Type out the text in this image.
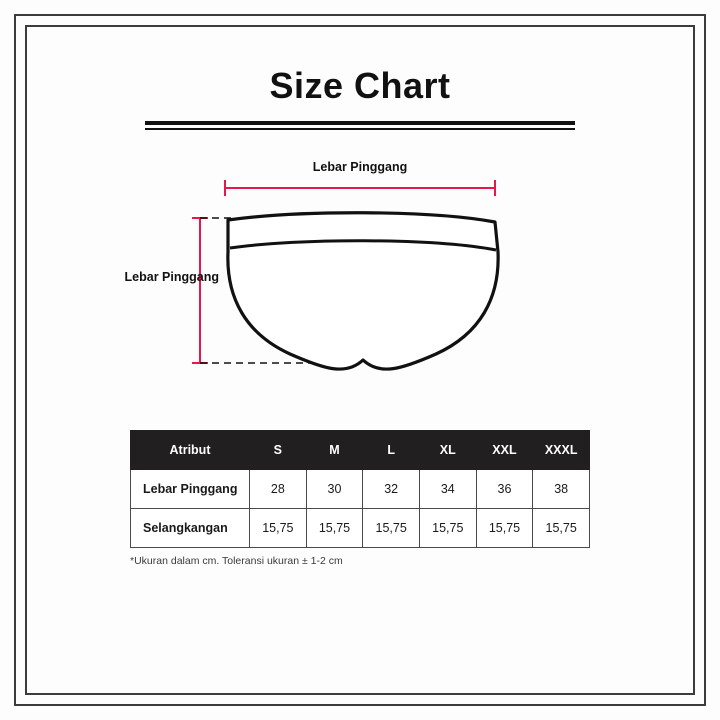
Size Chart
Lebar Pinggang
Lebar Pinggang
Atribut	S	M	L	XL	XXL	XXXL
Lebar Pinggang	28	30	32	34	36	38
Selangkangan	15,75	15,75	15,75	15,75	15,75	15,75
*Ukuran dalam cm. Toleransi ukuran ± 1-2 cm
